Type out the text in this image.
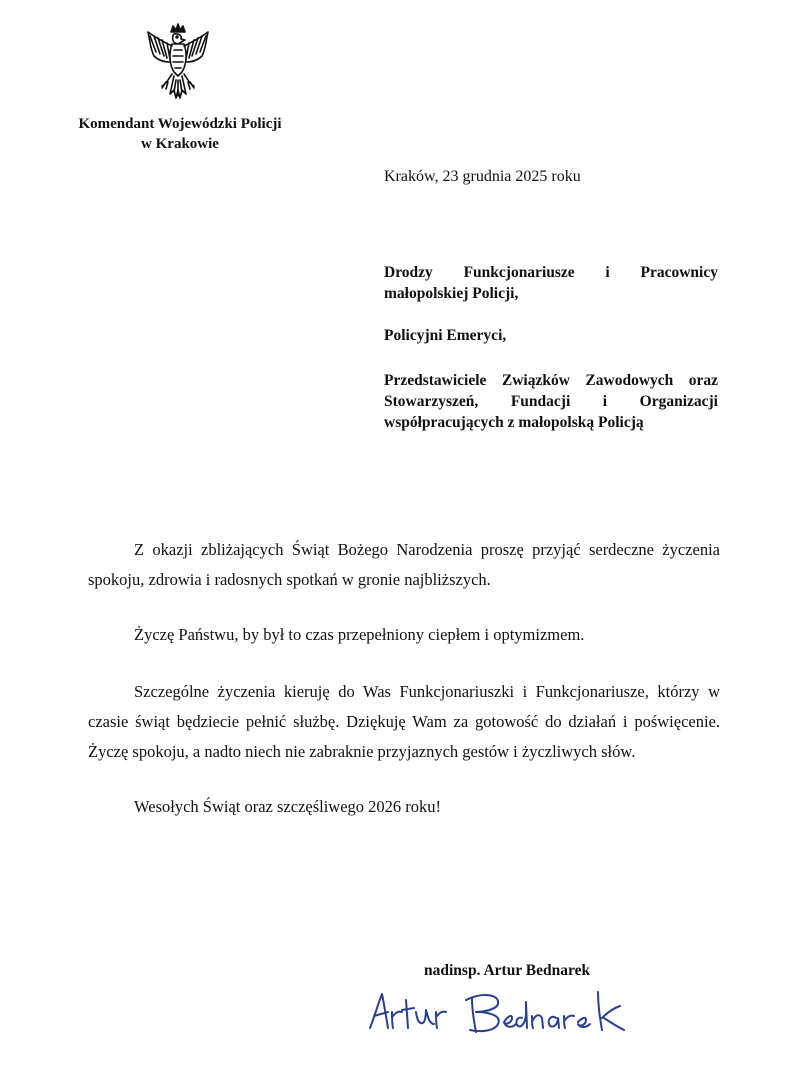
Komendant Wojewódzki Policji
w Krakowie
Kraków, 23 grudnia 2025 roku

Drodzy Funkcjonariusze i Pracownicy małopolskiej Policji,

Policyjni Emeryci,

Przedstawiciele Związków Zawodowych oraz Stowarzyszeń, Fundacji i Organizacji współpracujących z małopolską Policją

Z okazji zbliżających Świąt Bożego Narodzenia proszę przyjąć serdeczne życzenia spokoju, zdrowia i radosnych spotkań w gronie najbliższych.

Życzę Państwu, by był to czas przepełniony ciepłem i optymizmem.

Szczególne życzenia kieruję do Was Funkcjonariuszki i Funkcjonariusze, którzy w czasie świąt będziecie pełnić służbę. Dziękuję Wam za gotowość do działań i poświęcenie. Życzę spokoju, a nadto niech nie zabraknie przyjaznych gestów i życzliwych słów.

Wesołych Świąt oraz szczęśliwego 2026 roku!

nadinsp. Artur Bednarek
